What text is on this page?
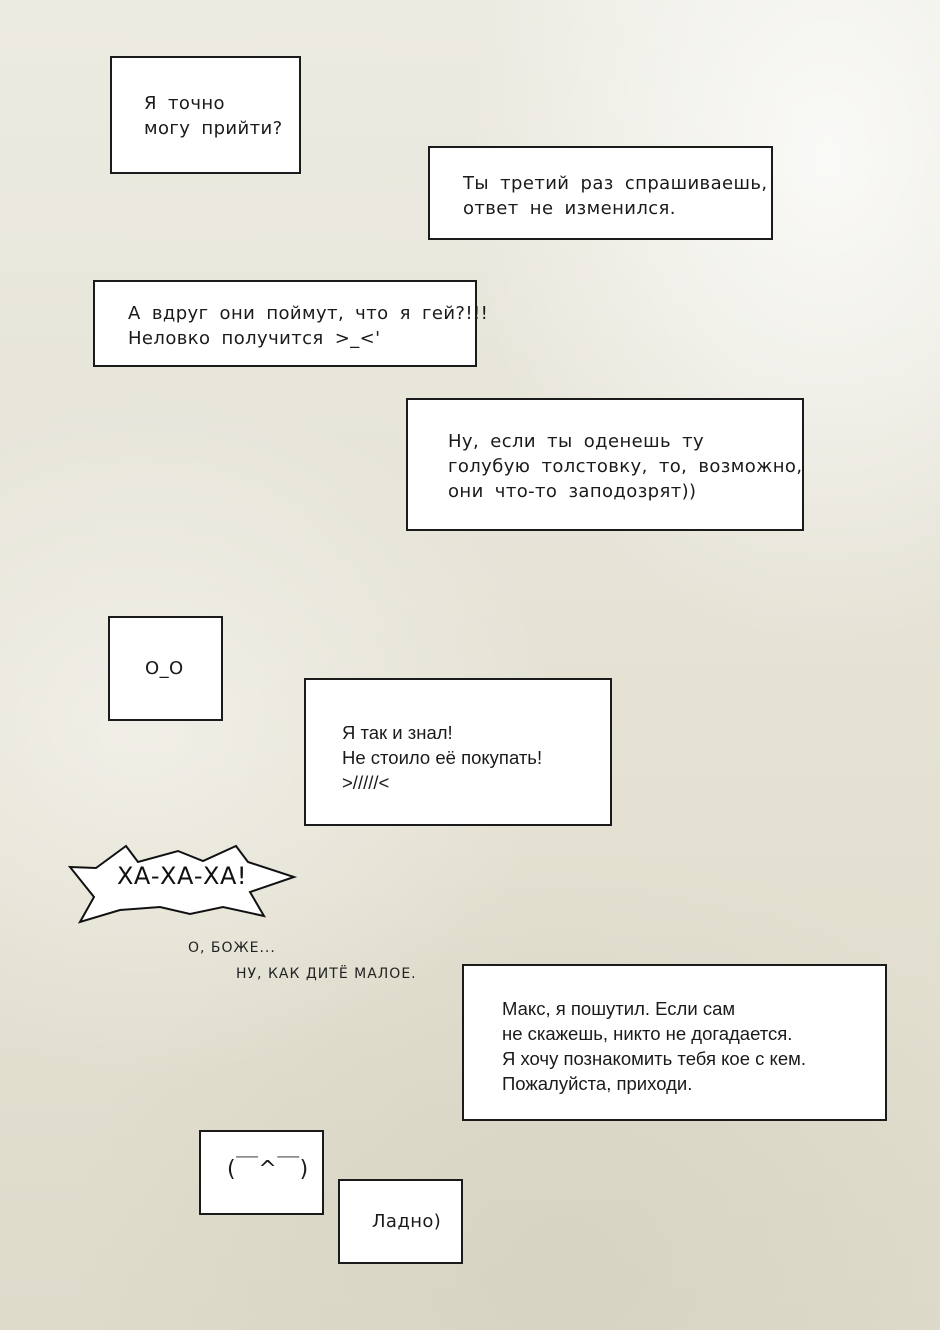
Я точно
могу прийти?
Ты третий раз спрашиваешь,
ответ не изменился.
А вдруг они поймут, что я гей?!!!
Неловко получится >_<'
Ну, если ты оденешь ту
голубую толстовку, то, возможно,
они что-то заподозрят))
O_O
Я так и знал!
Не стоило её покупать!
>/////<
ХА-ХА-ХА!
О, БОЖЕ...
НУ, КАК ДИТЁ МАЛОЕ.
Макс, я пошутил. Если сам
не скажешь, никто не догадается.
Я хочу познакомить тебя кое с кем.
Пожалуйста, приходи.
(￣^￣)
Ладно)
